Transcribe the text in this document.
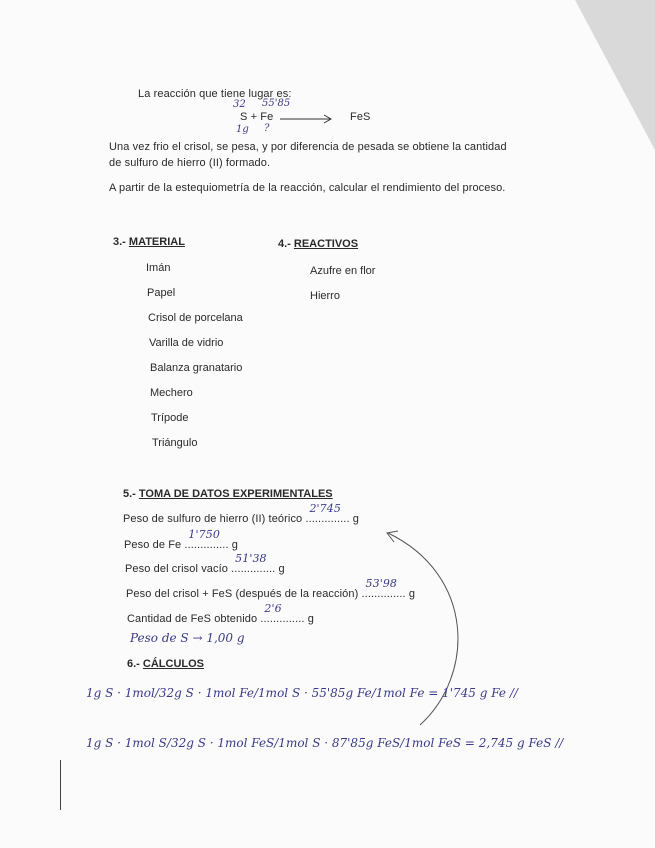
La reacción que tiene lugar es:
32 55'85
S + Fe → FeS
1g ?
Una vez frio el crisol, se pesa, y por diferencia de pesada se obtiene la cantidad
de sulfuro de hierro (II) formado.
A partir de la estequiometría de la reacción, calcular el rendimiento del proceso.
3.- MATERIAL
Imán
Papel
Crisol de porcelana
Varilla de vidrio
Balanza granatario
Mechero
Trípode
Triángulo
4.- REACTIVOS
Azufre en flor
Hierro
5.- TOMA DE DATOS EXPERIMENTALES
Peso de sulfuro de hierro (II) teórico ..............
2'745
g
Peso de Fe ..............
1'750
g
Peso del crisol vacío ..............
51'38
g
Peso del crisol + FeS (después de la reacción) ..............
53'98
g
Cantidad de FeS obtenido ..............
2'6
g
Peso de S → 1,00 g
6.- CÁLCULOS
1g S · 1mol/32g S · 1mol Fe/1mol S · 55'85g Fe/1mol Fe = 1'745 g Fe //
1g S · 1mol S/32g S · 1mol FeS/1mol S · 87'85g FeS/1mol FeS = 2,745 g FeS //
